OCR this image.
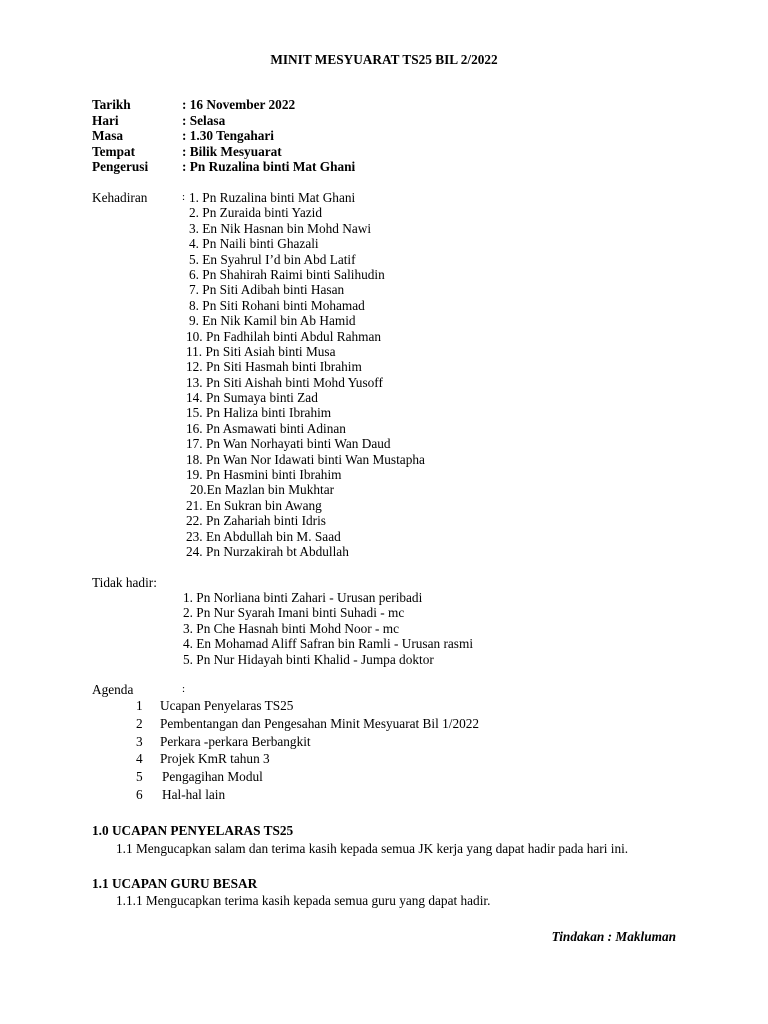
MINIT MESYUARAT TS25 BIL 2/2022
Tarikh	: 16 November 2022
Hari	: Selasa
Masa	: 1.30 Tengahari
Tempat	: Bilik Mesyuarat
Pengerusi	: Pn Ruzalina binti Mat Ghani
Kehadiran	: 1. Pn Ruzalina binti Mat Ghani
2. Pn Zuraida binti Yazid
3. En Nik Hasnan bin Mohd Nawi
4. Pn Naili binti Ghazali
5. En Syahrul I’d bin Abd Latif
6. Pn Shahirah Raimi binti Salihudin
7. Pn Siti Adibah binti Hasan
8. Pn Siti Rohani binti Mohamad
9. En Nik Kamil bin Ab Hamid
10. Pn Fadhilah binti Abdul Rahman
11. Pn Siti Asiah binti Musa
12. Pn Siti Hasmah binti Ibrahim
13. Pn Siti Aishah binti Mohd Yusoff
14. Pn Sumaya binti Zad
15. Pn Haliza binti Ibrahim
16. Pn Asmawati binti Adinan
17. Pn Wan Norhayati binti Wan Daud
18. Pn Wan Nor Idawati binti Wan Mustapha
19. Pn Hasmini binti Ibrahim
20.En Mazlan bin Mukhtar
21. En Sukran bin Awang
22. Pn Zahariah binti Idris
23. En Abdullah bin M. Saad
24. Pn Nurzakirah bt Abdullah
Tidak hadir:
1. Pn Norliana binti Zahari - Urusan peribadi
2. Pn Nur Syarah Imani binti Suhadi - mc
3. Pn Che Hasnah binti Mohd Noor - mc
4. En Mohamad Aliff Safran bin Ramli - Urusan rasmi
5. Pn Nur Hidayah binti Khalid - Jumpa doktor
Agenda	:
1 Ucapan Penyelaras TS25
2 Pembentangan dan Pengesahan Minit Mesyuarat Bil 1/2022
3 Perkara -perkara Berbangkit
4 Projek KmR tahun 3
5 Pengagihan Modul
6 Hal-hal lain
1.0 UCAPAN PENYELARAS TS25
1.1 Mengucapkan salam dan terima kasih kepada semua JK kerja yang dapat hadir pada hari ini.
1.1 UCAPAN GURU BESAR
1.1.1 Mengucapkan terima kasih kepada semua guru yang dapat hadir.
Tindakan : Makluman
